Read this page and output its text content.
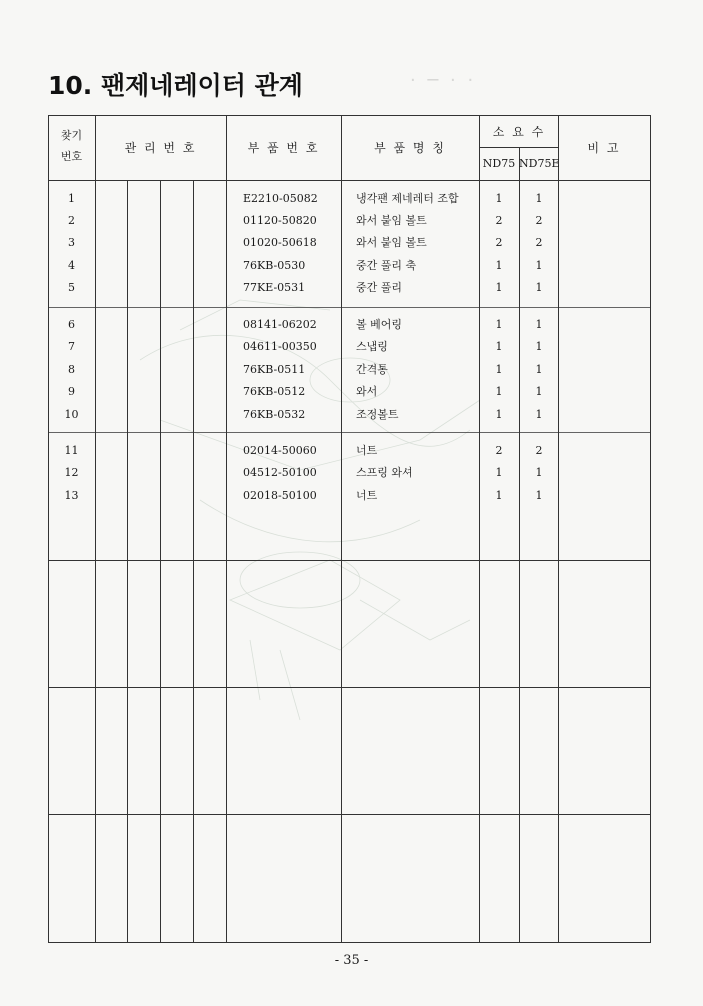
10. 팬제네레이터 관계	· ─ · ·
찾기
번호
관 리 번 호	부 품 번 호	부 품 명 칭
소 요 수
ND75 ND75E
비 고
1	E2210-05082	냉각팬 제네레터 조합	1	1
2	01120-50820	와서 붙임 볼트	2	2
3	01020-50618	와서 붙임 볼트	2	2
4	76KB-0530	중간 풀리 축	1	1
5	77KE-0531	중간 풀리	1	1
6	08141-06202	볼 베어링	1	1
7	04611-00350	스냅링	1	1
8	76KB-0511	간격통	1	1
9	76KB-0512	와서	1	1
10	76KB-0532	조정볼트	1	1
11	02014-50060	너트	2	2
12	04512-50100	스프링 와셔	1	1
13	02018-50100	너트	1	1
- 35 -
